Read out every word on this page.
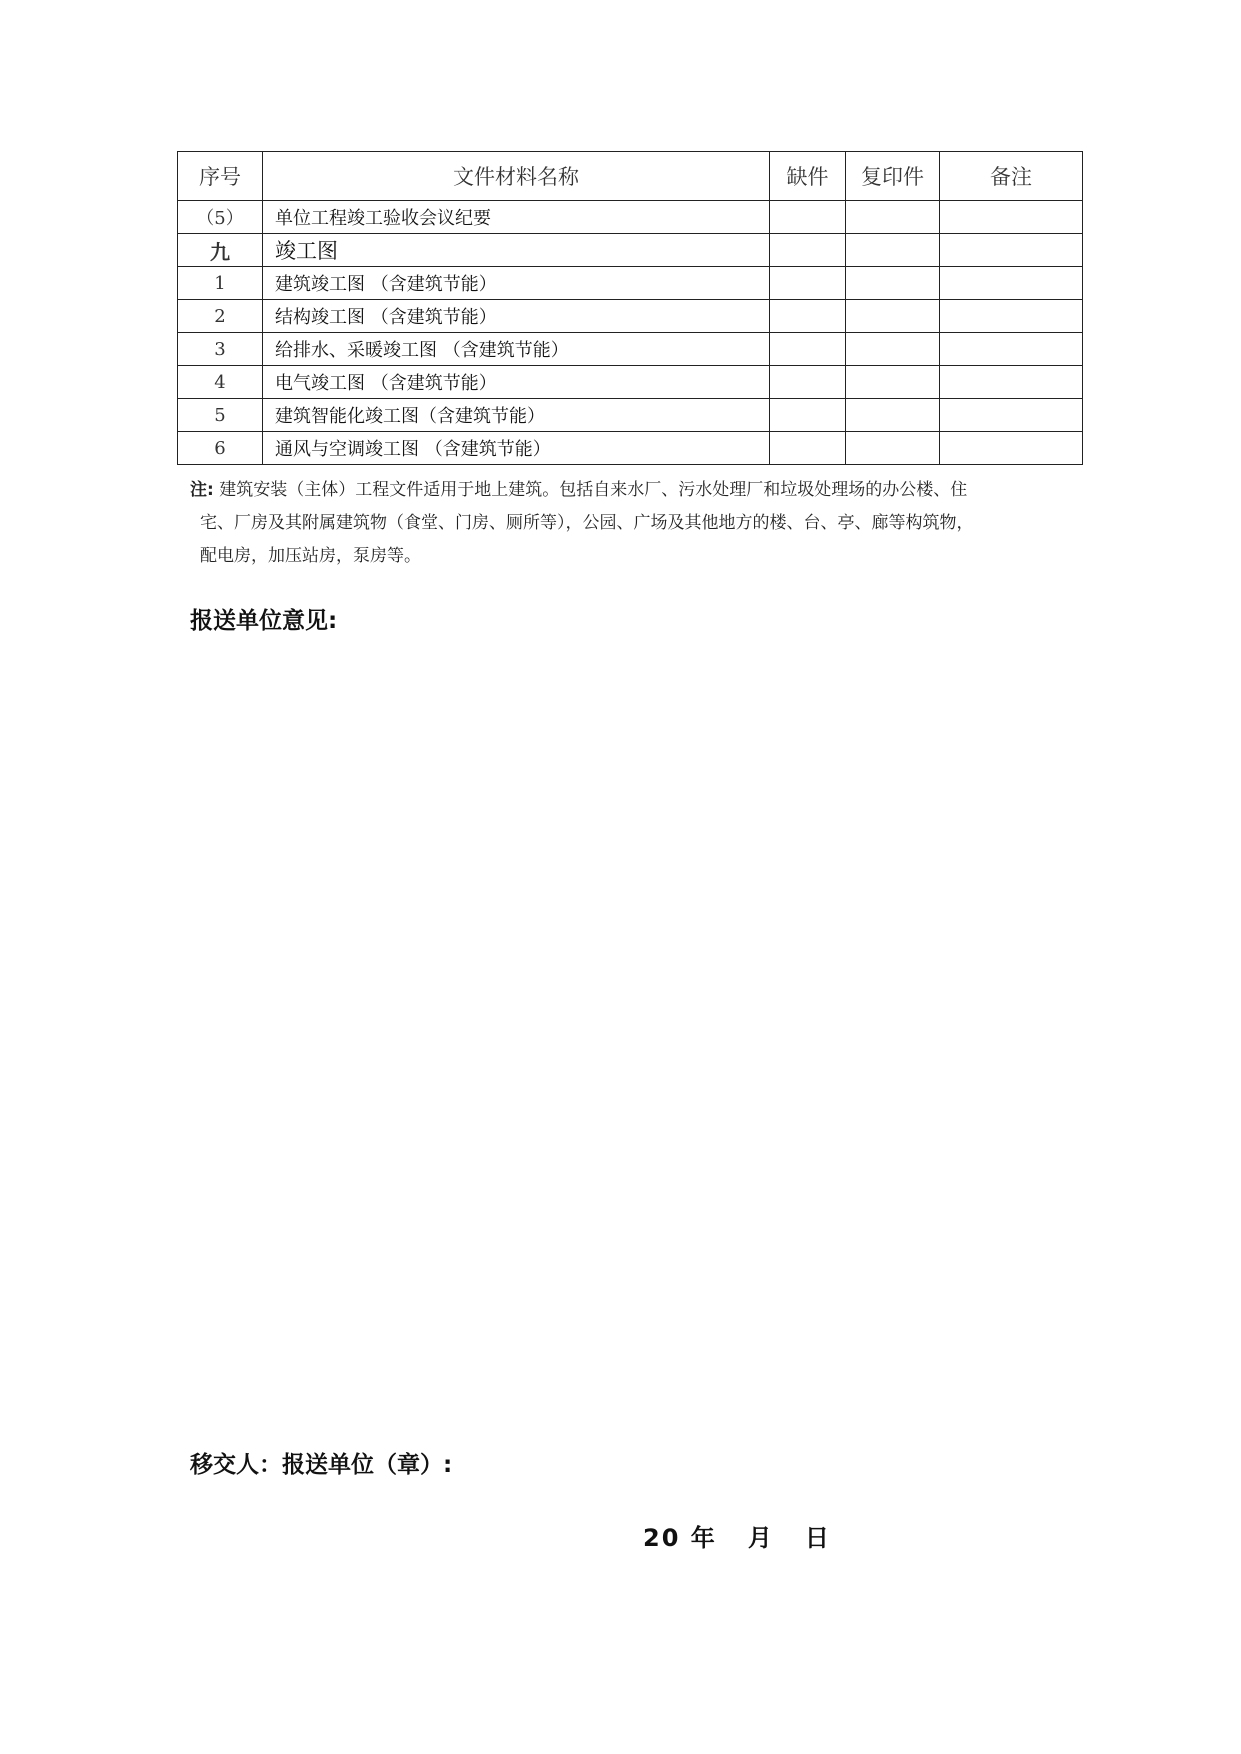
序号	文件材料名称	缺件	复印件	备注
（5）	单位工程竣工验收会议纪要			
九	竣工图			
1	建筑竣工图 （含建筑节能）			
2	结构竣工图 （含建筑节能）			
3	给排水、采暖竣工图 （含建筑节能）			
4	电气竣工图 （含建筑节能）			
5	建筑智能化竣工图（含建筑节能）			
6	通风与空调竣工图 （含建筑节能）			
注: 建筑安装（主体）工程文件适用于地上建筑。包括自来水厂、污水处理厂和垃圾处理场的办公楼、住
宅、厂房及其附属建筑物（食堂、门房、厕所等），公园、广场及其他地方的楼、台、亭、廊等构筑物，
配电房，加压站房，泵房等。
报送单位意见:
移交人：报送单位（章）:
20 年   月   日
